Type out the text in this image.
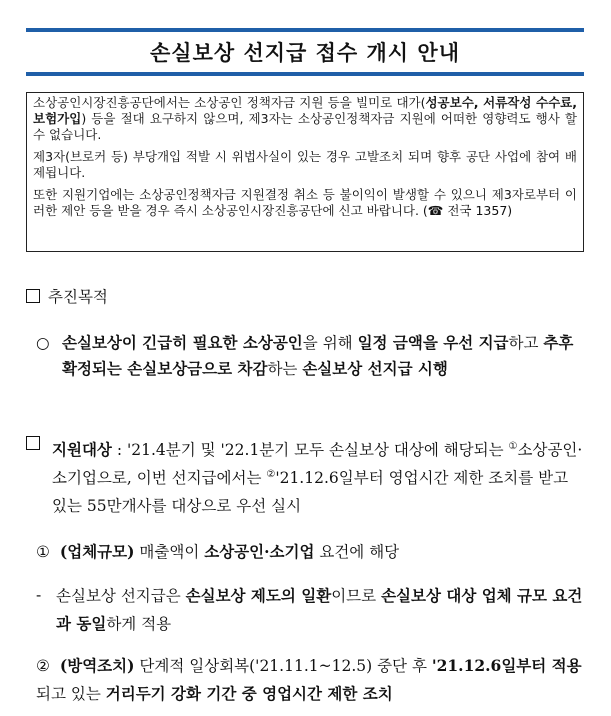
손실보상 선지급 접수 개시 안내

소상공인시장진흥공단에서는 소상공인 정책자금 지원 등을 빌미로 대가(성공보수, 서류작성 수수료, 보험가입) 등을 절대 요구하지 않으며, 제3자는 소상공인정책자금 지원에 어떠한 영향력도 행사 할 수 없습니다.

제3자(브로커 등) 부당개입 적발 시 위법사실이 있는 경우 고발조치 되며 향후 공단 사업에 참여 배제됩니다.

또한 지원기업에는 소상공인정책자금 지원결정 취소 등 불이익이 발생할 수 있으니 제3자로부터 이러한 제안 등을 받을 경우 즉시 소상공인시장진흥공단에 신고 바랍니다. (☎ 전국 1357)

추진목적
○ 손실보상이 긴급히 필요한 소상공인을 위해 일정 금액을 우선 지급하고 추후 확정되는 손실보상금으로 차감하는 손실보상 선지급 시행
지원대상 : '21.4분기 및 '22.1분기 모두 손실보상 대상에 해당되는 ①소상공인·소기업으로, 이번 선지급에서는 ②'21.12.6일부터 영업시간 제한 조치를 받고 있는 55만개사를 대상으로 우선 실시
① (업체규모) 매출액이 소상공인·소기업 요건에 해당
- 손실보상 선지급은 손실보상 제도의 일환이므로 손실보상 대상 업체 규모 요건과 동일하게 적용
② (방역조치) 단계적 일상회복('21.11.1~12.5) 중단 후 '21.12.6일부터 적용되고 있는 거리두기 강화 기간 중 영업시간 제한 조치
